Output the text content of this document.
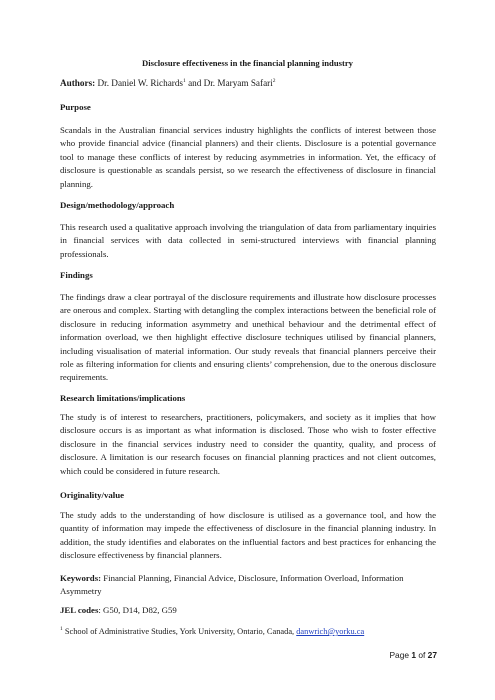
Disclosure effectiveness in the financial planning industry
Authors: Dr. Daniel W. Richards$^1$ and Dr. Maryam Safari$^2$
Purpose

Scandals in the Australian financial services industry highlights the conflicts of interest between those who provide financial advice (financial planners) and their clients. Disclosure is a potential governance tool to manage these conflicts of interest by reducing asymmetries in information. Yet, the efficacy of disclosure is questionable as scandals persist, so we research the effectiveness of disclosure in financial planning.

Design/methodology/approach

This research used a qualitative approach involving the triangulation of data from parliamentary inquiries in financial services with data collected in semi-structured interviews with financial planning professionals.

Findings

The findings draw a clear portrayal of the disclosure requirements and illustrate how disclosure processes are onerous and complex. Starting with detangling the complex interactions between the beneficial role of disclosure in reducing information asymmetry and unethical behaviour and the detrimental effect of information overload, we then highlight effective disclosure techniques utilised by financial planners, including visualisation of material information. Our study reveals that financial planners perceive their role as filtering information for clients and ensuring clients’ comprehension, due to the onerous disclosure requirements.

Research limitations/implications

The study is of interest to researchers, practitioners, policymakers, and society as it implies that how disclosure occurs is as important as what information is disclosed. Those who wish to foster effective disclosure in the financial services industry need to consider the quantity, quality, and process of disclosure. A limitation is our research focuses on financial planning practices and not client outcomes, which could be considered in future research.

Originality/value

The study adds to the understanding of how disclosure is utilised as a governance tool, and how the quantity of information may impede the effectiveness of disclosure in the financial planning industry. In addition, the study identifies and elaborates on the influential factors and best practices for enhancing the disclosure effectiveness by financial planners.

Keywords: Financial Planning, Financial Advice, Disclosure, Information Overload, Information Asymmetry
JEL codes: G50, D14, D82, G59
$^1$ School of Administrative Studies, York University, Ontario, Canada, danwrich@yorku.ca
Page 1 of 27
